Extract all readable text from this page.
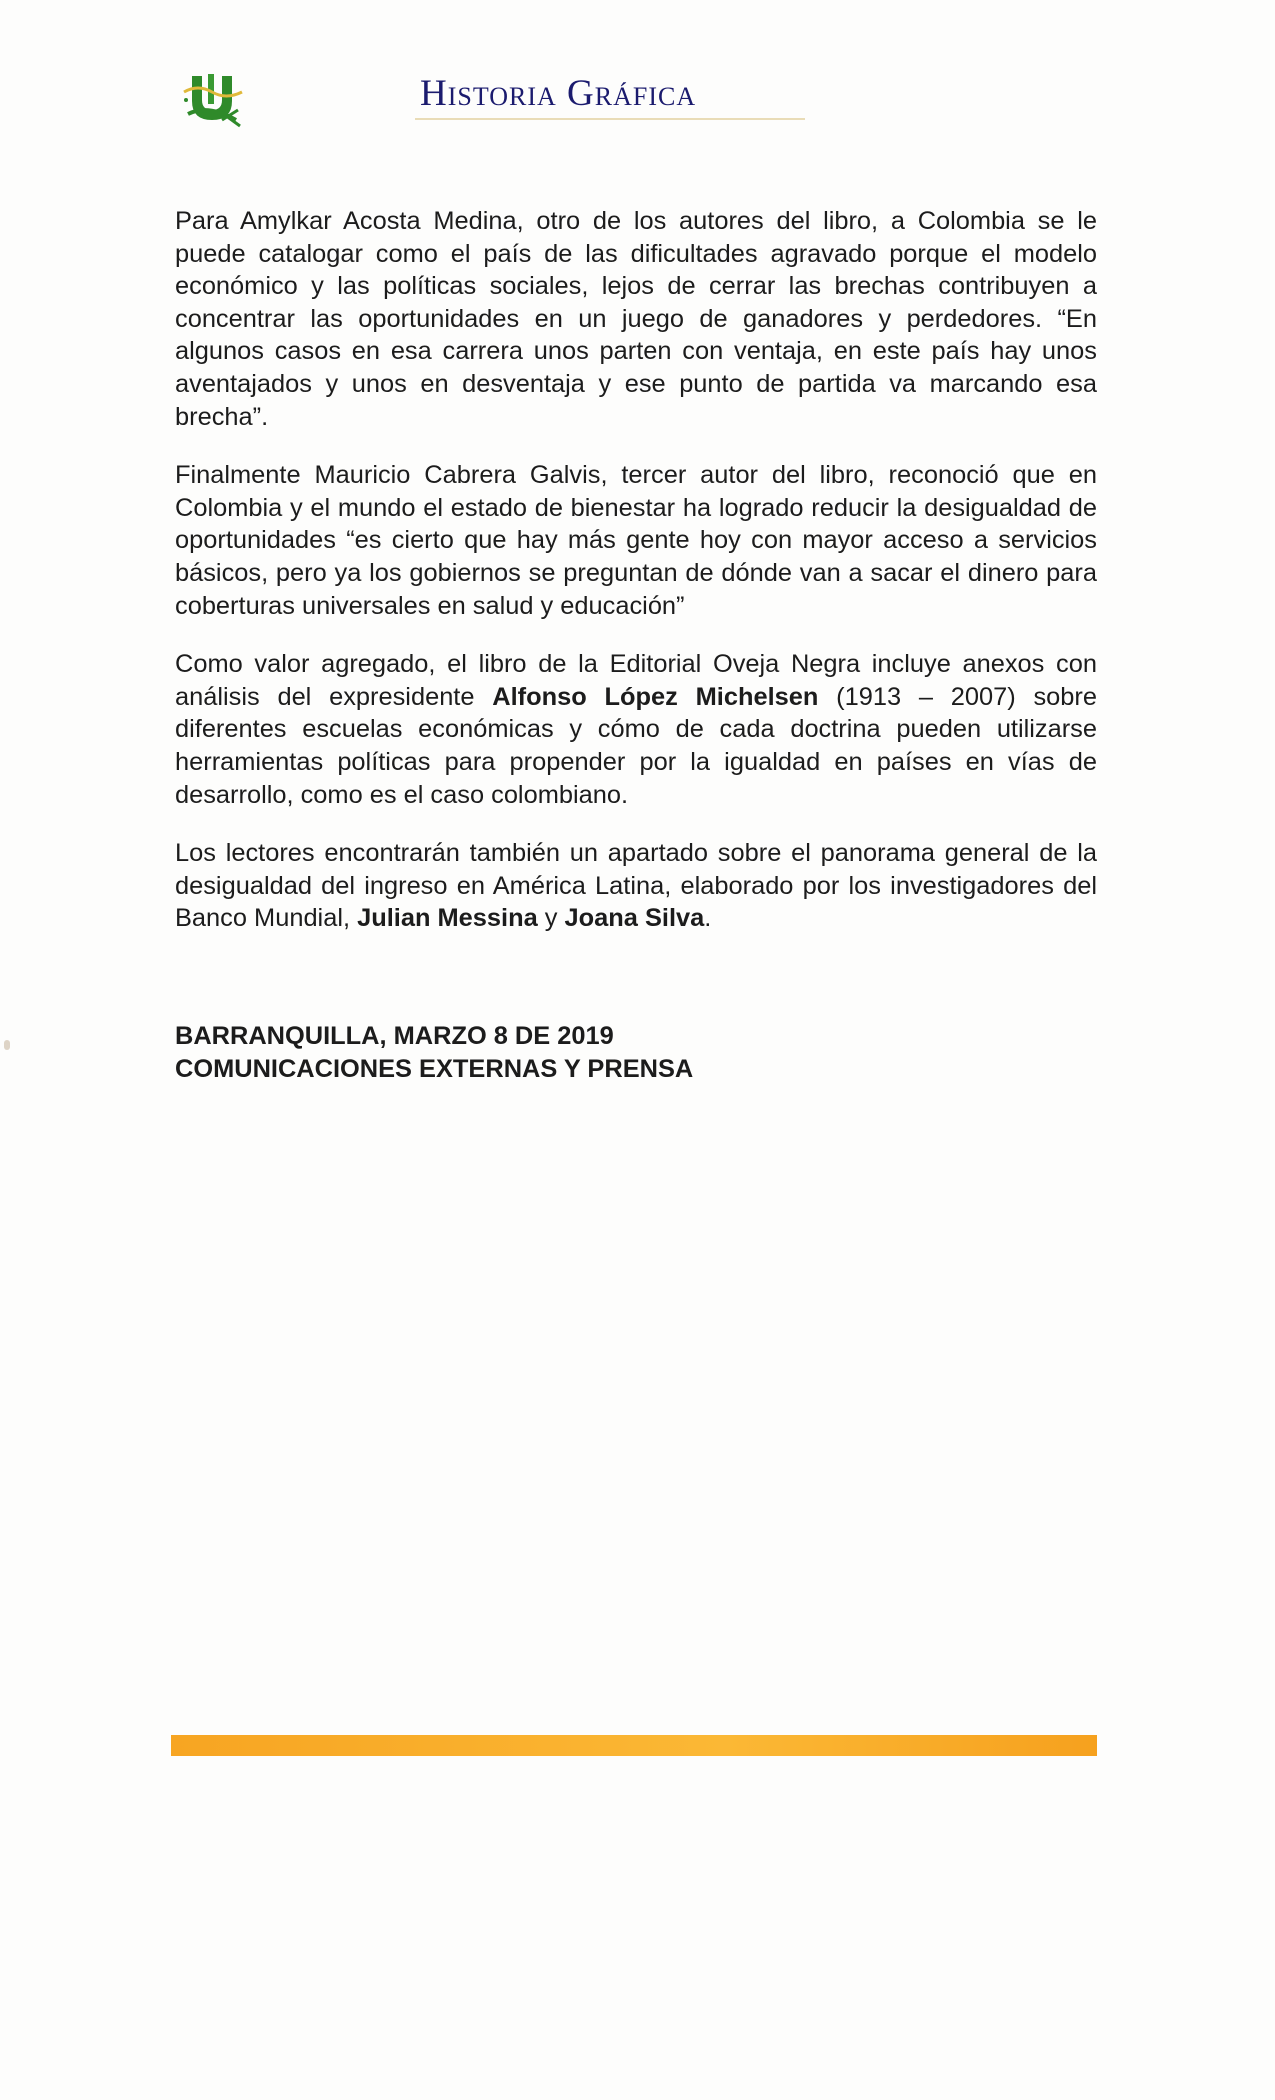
Historia Gráfica

Para Amylkar Acosta Medina, otro de los autores del libro, a Colombia se le puede catalogar como el país de las dificultades agravado porque el modelo económico y las políticas sociales, lejos de cerrar las brechas contribuyen a concentrar las oportunidades en un juego de ganadores y perdedores. “En algunos casos en esa carrera unos parten con ventaja, en este país hay unos aventajados y unos en desventaja y ese punto de partida va marcando esa brecha”.

Finalmente Mauricio Cabrera Galvis, tercer autor del libro, reconoció que en Colombia y el mundo el estado de bienestar ha logrado reducir la desigualdad de oportunidades “es cierto que hay más gente hoy con mayor acceso a servicios básicos, pero ya los gobiernos se preguntan de dónde van a sacar el dinero para coberturas universales en salud y educación”

Como valor agregado, el libro de la Editorial Oveja Negra incluye anexos con análisis del expresidente Alfonso López Michelsen (1913 – 2007) sobre diferentes escuelas económicas y cómo de cada doctrina pueden utilizarse herramientas políticas para propender por la igualdad en países en vías de desarrollo, como es el caso colombiano.

Los lectores encontrarán también un apartado sobre el panorama general de la desigualdad del ingreso en América Latina, elaborado por los investigadores del Banco Mundial, Julian Messina y Joana Silva.

BARRANQUILLA, MARZO 8 DE 2019
COMUNICACIONES EXTERNAS Y PRENSA
